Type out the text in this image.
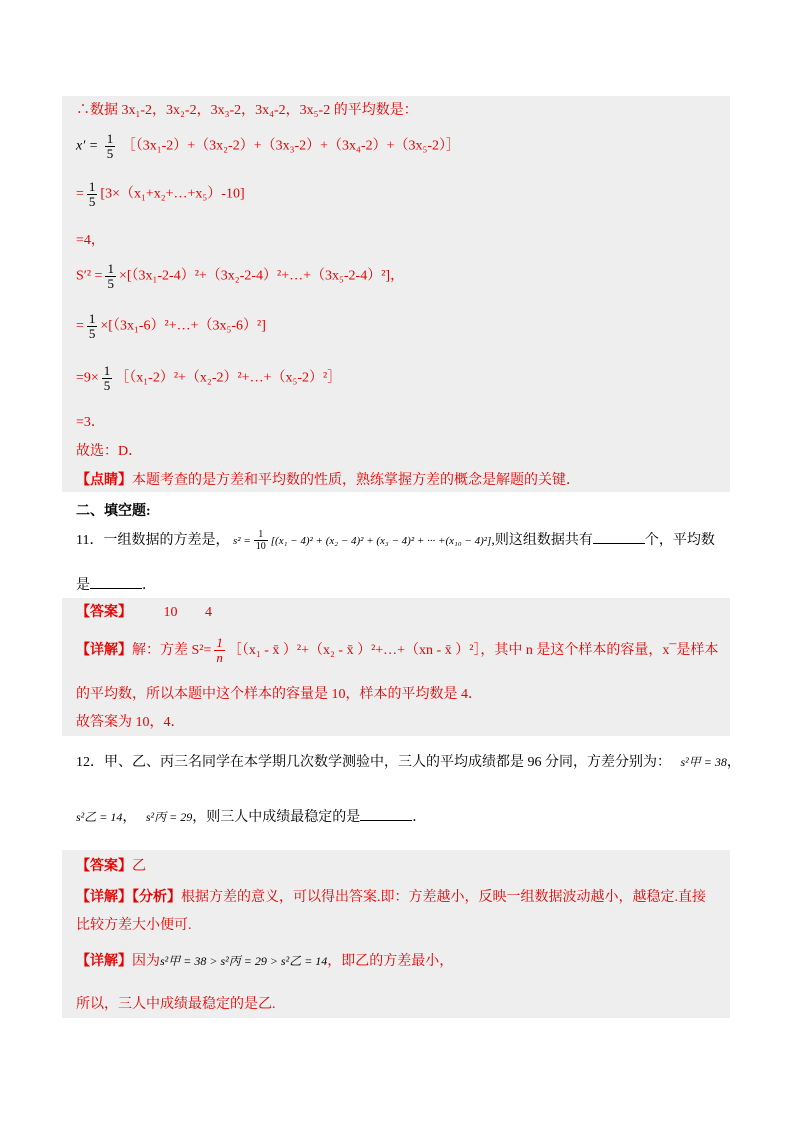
∴数据 3x₁-2，3x₂-2，3x₃-2，3x₄-2，3x₅-2 的平均数是：
$x' = \frac{1}{5}$ ［（3x₁-2）+（3x₂-2）+（3x₃-2）+（3x₄-2）+（3x₅-2）］
= $\frac{1}{5}$ [3×（x₁+x₂+…+x₅）-10]
=4，
$S'^2 = \frac{1}{5}$ ×[（3x₁-2-4）²+（3x₂-2-4）²+…+（3x₅-2-4）²]，
= $\frac{1}{5}$ ×[（3x₁-6）²+…+（3x₅-6）²]
$=9\times \frac{1}{5}$ ［（x₁-2）²+（x₂-2）²+…+（x₅-2）²］
=3．
故选：D．
【点睛】本题考查的是方差和平均数的性质，熟练掌握方差的概念是解题的关键．
二、填空题:
11．一组数据的方差是， $s^2 = \frac{1}{10} [(x_1 - 4)^2 + (x_2 - 4)^2 + (x_3 - 4)^2$ + ··· +(x₁₀ − 4)²],则这组数据共有	个，平均数
是	．
【答案】 10 4
【详解】解：方差 $S^2= \frac{1}{n}$ ［（x₁ - x̄ ）²+（x₂ - x̄ ）²+…+（xn - x̄ ）²］，其中 n 是这个样本的容量，x¯是样本
的平均数，所以本题中这个样本的容量是 10，样本的平均数是 4．
故答案为 10，4．
12．甲、乙、丙三名同学在本学期几次数学测验中，三人的平均成绩都是 96 分同，方差分别为： s²甲 = 38，
s²乙 = 14， s²丙 = 29，则三人中成绩最稳定的是	．
【答案】乙
【详解】【分析】根据方差的意义，可以得出答案.即：方差越小，反映一组数据波动越小，越稳定.直接
比较方差大小便可.
【详解】因为s²甲 = 38 > s²丙 = 29 > s²乙 = 14，即乙的方差最小，
所以，三人中成绩最稳定的是乙.
